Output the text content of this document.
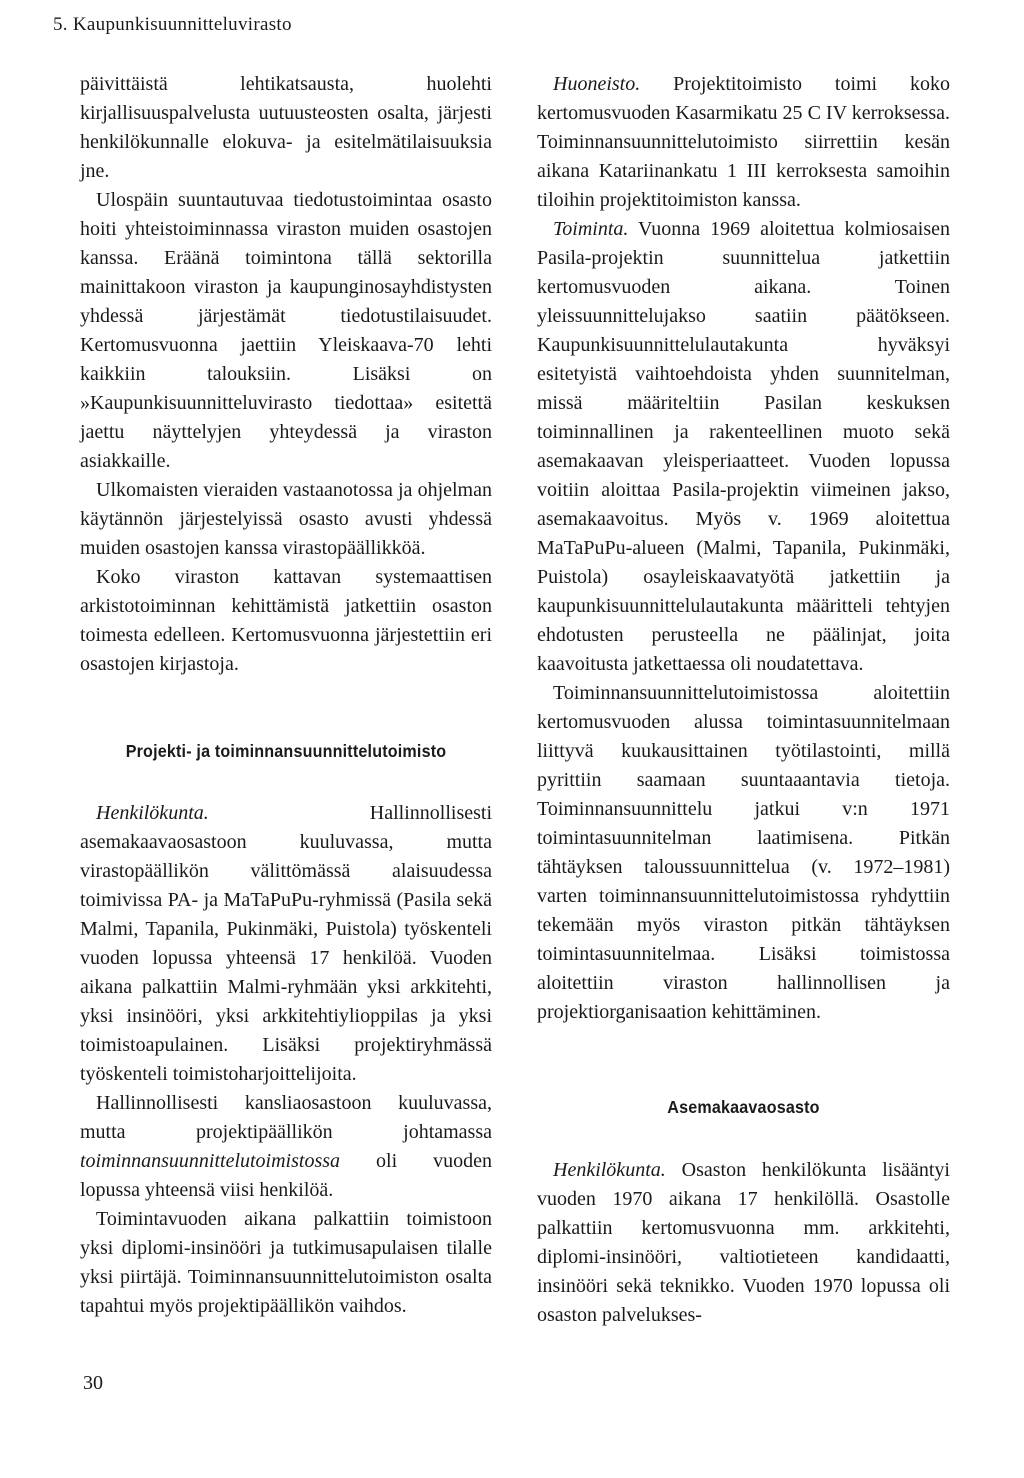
5. Kaupunkisuunnitteluvirasto

päivittäistä lehtikatsausta, huolehti kirjallisuuspalvelusta uutuusteosten osalta, järjesti henkilökunnalle elokuva- ja esitelmätilaisuuksia jne.

Ulospäin suuntautuvaa tiedotustoimintaa osasto hoiti yhteistoiminnassa viraston muiden osastojen kanssa. Eräänä toimintona tällä sektorilla mainittakoon viraston ja kaupunginosayhdistysten yhdessä järjestämät tiedotustilaisuudet. Kertomusvuonna jaettiin Yleiskaava-70 lehti kaikkiin talouksiin. Lisäksi on »Kaupunkisuunnitteluvirasto tiedottaa» esitettä jaettu näyttelyjen yhteydessä ja viraston asiakkaille.

Ulkomaisten vieraiden vastaanotossa ja ohjelman käytännön järjestelyissä osasto avusti yhdessä muiden osastojen kanssa virastopäällikköä.

Koko viraston kattavan systemaattisen arkistotoiminnan kehittämistä jatkettiin osaston toimesta edelleen. Kertomusvuonna järjestettiin eri osastojen kirjastoja.

Projekti- ja toiminnansuunnittelutoimisto

Henkilökunta. Hallinnollisesti asemakaavaosastoon kuuluvassa, mutta virastopäällikön välittömässä alaisuudessa toimivissa PA- ja MaTaPuPu-ryhmissä (Pasila sekä Malmi, Tapanila, Pukinmäki, Puistola) työskenteli vuoden lopussa yhteensä 17 henkilöä. Vuoden aikana palkattiin Malmi-ryhmään yksi arkkitehti, yksi insinööri, yksi arkkitehtiylioppilas ja yksi toimistoapulainen. Lisäksi projektiryhmässä työskenteli toimistoharjoittelijoita.

Hallinnollisesti kansliaosastoon kuuluvassa, mutta projektipäällikön johtamassa toiminnansuunnittelutoimistossa oli vuoden lopussa yhteensä viisi henkilöä.

Toimintavuoden aikana palkattiin toimistoon yksi diplomi-insinööri ja tutkimusapulaisen tilalle yksi piirtäjä. Toiminnansuunnittelutoimiston osalta tapahtui myös projektipäällikön vaihdos.

Huoneisto. Projektitoimisto toimi koko kertomusvuoden Kasarmikatu 25 C IV kerroksessa. Toiminnansuunnittelutoimisto siirrettiin kesän aikana Katariinankatu 1 III kerroksesta samoihin tiloihin projektitoimiston kanssa.

Toiminta. Vuonna 1969 aloitettua kolmiosaisen Pasila-projektin suunnittelua jatkettiin kertomusvuoden aikana. Toinen yleissuunnittelujakso saatiin päätökseen. Kaupunkisuunnittelulautakunta hyväksyi esitetyistä vaihtoehdoista yhden suunnitelman, missä määriteltiin Pasilan keskuksen toiminnallinen ja rakenteellinen muoto sekä asemakaavan yleisperiaatteet. Vuoden lopussa voitiin aloittaa Pasila-projektin viimeinen jakso, asemakaavoitus. Myös v. 1969 aloitettua MaTaPuPu-alueen (Malmi, Tapanila, Pukinmäki, Puistola) osayleiskaavatyötä jatkettiin ja kaupunkisuunnittelulautakunta määritteli tehtyjen ehdotusten perusteella ne päälinjat, joita kaavoitusta jatkettaessa oli noudatettava.

Toiminnansuunnittelutoimistossa aloitettiin kertomusvuoden alussa toimintasuunnitelmaan liittyvä kuukausittainen työtilastointi, millä pyrittiin saamaan suuntaaantavia tietoja. Toiminnansuunnittelu jatkui v:n 1971 toimintasuunnitelman laatimisena. Pitkän tähtäyksen taloussuunnittelua (v. 1972–1981) varten toiminnansuunnittelutoimistossa ryhdyttiin tekemään myös viraston pitkän tähtäyksen toimintasuunnitelmaa. Lisäksi toimistossa aloitettiin viraston hallinnollisen ja projektiorganisaation kehittäminen.

Asemakaavaosasto

Henkilökunta. Osaston henkilökunta lisääntyi vuoden 1970 aikana 17 henkilöllä. Osastolle palkattiin kertomusvuonna mm. arkkitehti, diplomi-insinööri, valtiotieteen kandidaatti, insinööri sekä teknikko. Vuoden 1970 lopussa oli osaston palvelukses-

30
